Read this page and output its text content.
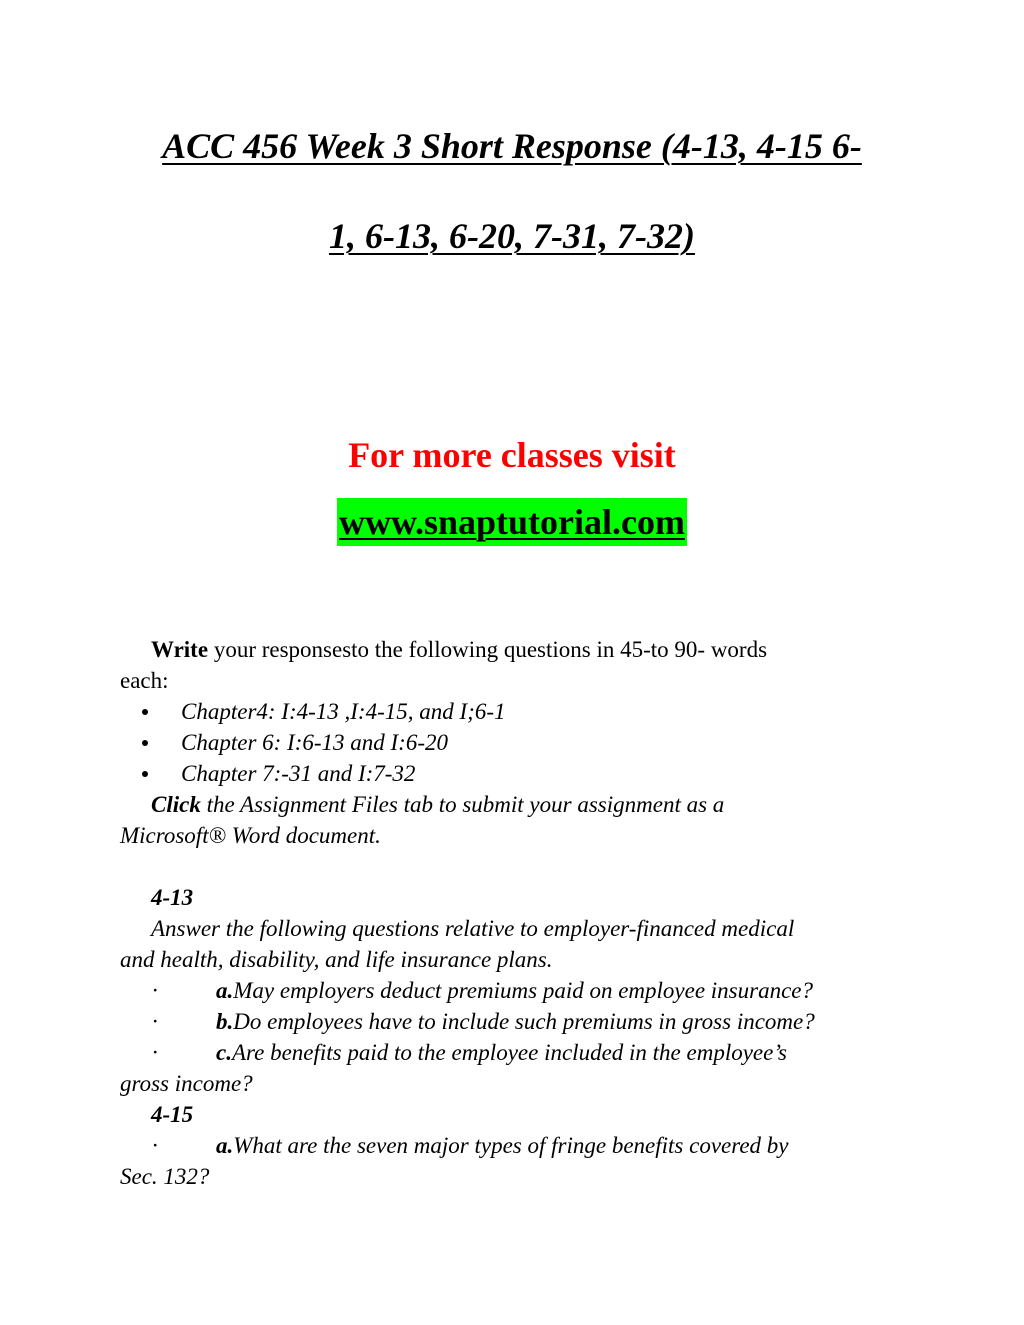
ACC 456 Week 3 Short Response (4-13, 4-15 6-
1, 6-13, 6-20, 7-31, 7-32)
For more classes visit
www.snaptutorial.com
Write your responsesto the following questions in 45-to 90- words
each:
Chapter4: I:4-13 ,I:4-15, and I;6-1
Chapter 6: I:6-13 and I:6-20
Chapter 7:-31 and I:7-32
Click the Assignment Files tab to submit your assignment as a
Microsoft® Word document.
4-13
Answer the following questions relative to employer-financed medical
and health, disability, and life insurance plans.
·	a.May employers deduct premiums paid on employee insurance?
·	b.Do employees have to include such premiums in gross income?
·	c.Are benefits paid to the employee included in the employee’s
gross income?
4-15
·	a.What are the seven major types of fringe benefits covered by
Sec. 132?
